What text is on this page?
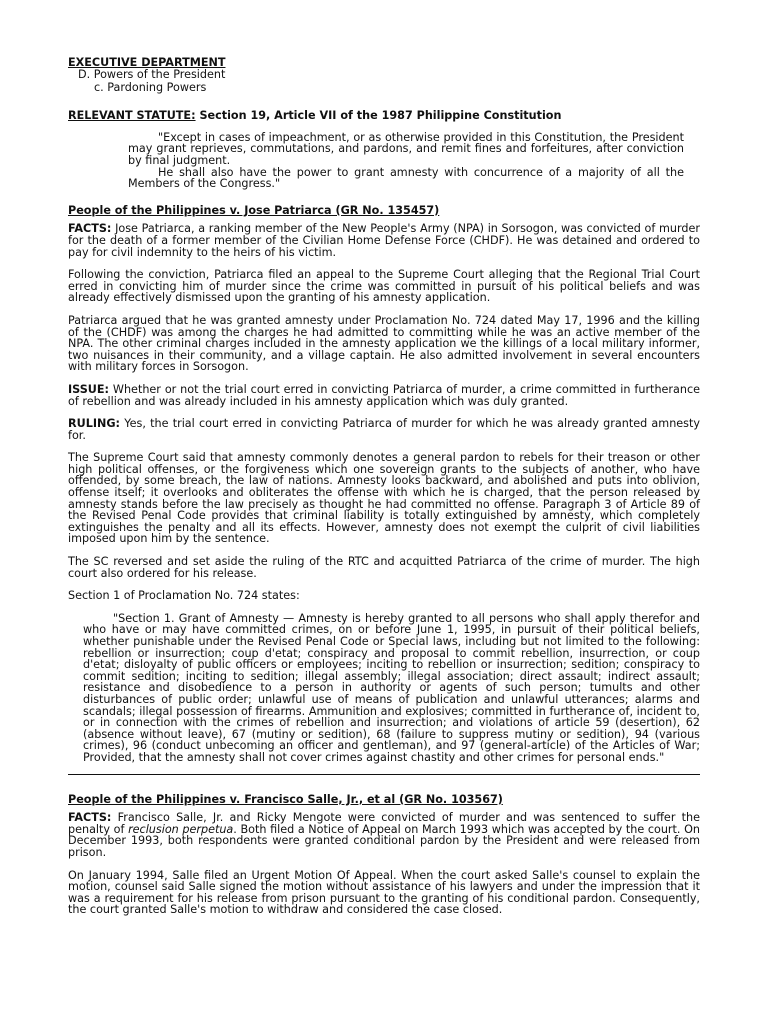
EXECUTIVE DEPARTMENT
D. Powers of the President
c. Pardoning Powers
RELEVANT STATUTE: Section 19, Article VII of the 1987 Philippine Constitution
"Except in cases of impeachment, or as otherwise provided in this Constitution, the President may grant reprieves, commutations, and pardons, and remit fines and forfeitures, after conviction by final judgment.
He shall also have the power to grant amnesty with concurrence of a majority of all the Members of the Congress."
People of the Philippines v. Jose Patriarca (GR No. 135457)

FACTS: Jose Patriarca, a ranking member of the New People's Army (NPA) in Sorsogon, was convicted of murder for the death of a former member of the Civilian Home Defense Force (CHDF). He was detained and ordered to pay for civil indemnity to the heirs of his victim.

Following the conviction, Patriarca filed an appeal to the Supreme Court alleging that the Regional Trial Court erred in convicting him of murder since the crime was committed in pursuit of his political beliefs and was already effectively dismissed upon the granting of his amnesty application.

Patriarca argued that he was granted amnesty under Proclamation No. 724 dated May 17, 1996 and the killing of the (CHDF) was among the charges he had admitted to committing while he was an active member of the NPA. The other criminal charges included in the amnesty application we the killings of a local military informer, two nuisances in their community, and a village captain. He also admitted involvement in several encounters with military forces in Sorsogon.

ISSUE: Whether or not the trial court erred in convicting Patriarca of murder, a crime committed in furtherance of rebellion and was already included in his amnesty application which was duly granted.

RULING: Yes, the trial court erred in convicting Patriarca of murder for which he was already granted amnesty for.

The Supreme Court said that amnesty commonly denotes a general pardon to rebels for their treason or other high political offenses, or the forgiveness which one sovereign grants to the subjects of another, who have offended, by some breach, the law of nations. Amnesty looks backward, and abolished and puts into oblivion, offense itself; it overlooks and obliterates the offense with which he is charged, that the person released by amnesty stands before the law precisely as thought he had committed no offense. Paragraph 3 of Article 89 of the Revised Penal Code provides that criminal liability is totally extinguished by amnesty, which completely extinguishes the penalty and all its effects. However, amnesty does not exempt the culprit of civil liabilities imposed upon him by the sentence.

The SC reversed and set aside the ruling of the RTC and acquitted Patriarca of the crime of murder. The high court also ordered for his release.

Section 1 of Proclamation No. 724 states:

"Section 1. Grant of Amnesty — Amnesty is hereby granted to all persons who shall apply therefor and who have or may have committed crimes, on or before June 1, 1995, in pursuit of their political beliefs, whether punishable under the Revised Penal Code or Special laws, including but not limited to the following: rebellion or insurrection; coup d'etat; conspiracy and proposal to commit rebellion, insurrection, or coup d'etat; disloyalty of public officers or employees; inciting to rebellion or insurrection; sedition; conspiracy to commit sedition; inciting to sedition; illegal assembly; illegal association; direct assault; indirect assault; resistance and disobedience to a person in authority or agents of such person; tumults and other disturbances of public order; unlawful use of means of publication and unlawful utterances; alarms and scandals; illegal possession of firearms. Ammunition and explosives; committed in furtherance of, incident to, or in connection with the crimes of rebellion and insurrection; and violations of article 59 (desertion), 62 (absence without leave), 67 (mutiny or sedition), 68 (failure to suppress mutiny or sedition), 94 (various crimes), 96 (conduct unbecoming an officer and gentleman), and 97 (general-article) of the Articles of War; Provided, that the amnesty shall not cover crimes against chastity and other crimes for personal ends."
People of the Philippines v. Francisco Salle, Jr., et al (GR No. 103567)

FACTS: Francisco Salle, Jr. and Ricky Mengote were convicted of murder and was sentenced to suffer the penalty of reclusion perpetua. Both filed a Notice of Appeal on March 1993 which was accepted by the court. On December 1993, both respondents were granted conditional pardon by the President and were released from prison.

On January 1994, Salle filed an Urgent Motion Of Appeal. When the court asked Salle's counsel to explain the motion, counsel said Salle signed the motion without assistance of his lawyers and under the impression that it was a requirement for his release from prison pursuant to the granting of his conditional pardon. Consequently, the court granted Salle's motion to withdraw and considered the case closed.
